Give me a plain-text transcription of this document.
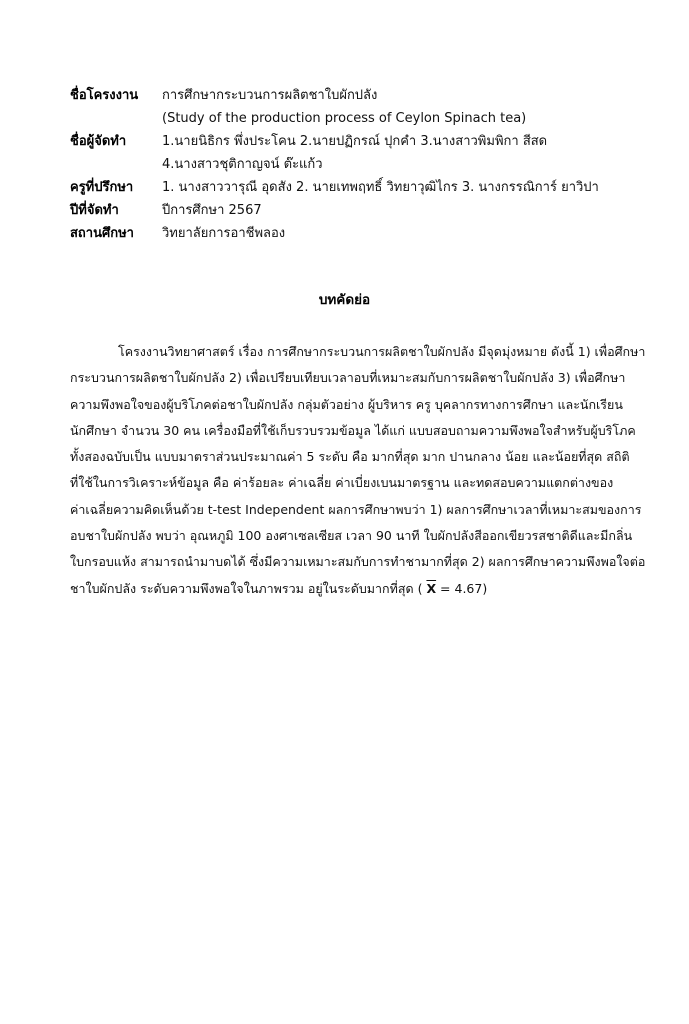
ชื่อโครงงาน	การศึกษากระบวนการผลิตชาใบผักปลัง
(Study of the production process of Ceylon Spinach tea)
ชื่อผู้จัดทำ	1.นายนิธิกร พึ่งประโคน 2.นายปฏิกรณ์ ปุกคำ 3.นางสาวพิมพิกา สีสด
4.นางสาวชุติกาญจน์ ต๊ะแก้ว
ครูที่ปรึกษา	1. นางสาววารุณี อุดสัง 2. นายเทพฤทธิ์ วิทยาวุฒิไกร 3. นางกรรณิการ์ ยาวิปา
ปีที่จัดทำ	ปีการศึกษา 2567
สถานศึกษา	วิทยาลัยการอาชีพลอง
บทคัดย่อ
โครงงานวิทยาศาสตร์ เรื่อง การศึกษากระบวนการผลิตชาใบผักปลัง มีจุดมุ่งหมาย ดังนี้ 1) เพื่อศึกษา
กระบวนการผลิตชาใบผักปลัง 2) เพื่อเปรียบเทียบเวลาอบที่เหมาะสมกับการผลิตชาใบผักปลัง 3) เพื่อศึกษา
ความพึงพอใจของผู้บริโภคต่อชาใบผักปลัง กลุ่มตัวอย่าง ผู้บริหาร ครู บุคลากรทางการศึกษา และนักเรียน
นักศึกษา จำนวน 30 คน เครื่องมือที่ใช้เก็บรวบรวมข้อมูล ได้แก่ แบบสอบถามความพึงพอใจสำหรับผู้บริโภค
ทั้งสองฉบับเป็น แบบมาตราส่วนประมาณค่า 5 ระดับ คือ มากที่สุด มาก ปานกลาง น้อย และน้อยที่สุด สถิติ
ที่ใช้ในการวิเคราะห์ข้อมูล คือ ค่าร้อยละ ค่าเฉลี่ย ค่าเบี่ยงเบนมาตรฐาน และทดสอบความแตกต่างของ
ค่าเฉลี่ยความคิดเห็นด้วย t-test Independent ผลการศึกษาพบว่า 1) ผลการศึกษาเวลาที่เหมาะสมของการ
อบชาใบผักปลัง พบว่า อุณหภูมิ 100 องศาเซลเซียส เวลา 90 นาที ใบผักปลังสีออกเขียวรสชาติดีและมีกลิ่น
ใบกรอบแห้ง สามารถนำมาบดได้ ซึ่งมีความเหมาะสมกับการทำชามากที่สุด 2) ผลการศึกษาความพึงพอใจต่อ
ชาใบผักปลัง ระดับความพึงพอใจในภาพรวม อยู่ในระดับมากที่สุด ( $\overline{X} = 4.67$)
